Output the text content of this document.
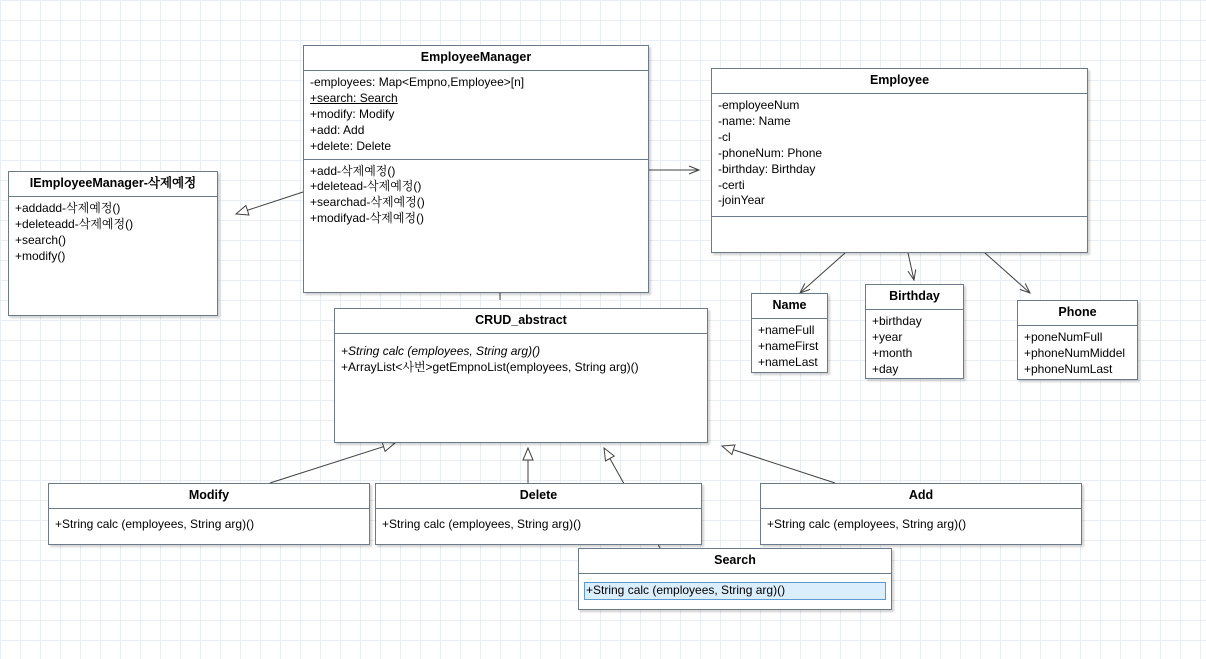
IEmployeeManager-삭제예정
+addadd-삭제예정()
+deleteadd-삭제예정()
+search()
+modify()
EmployeeManager
-employees: Map<Empno,Employee>[n]
+search: Search
+modify: Modify
+add: Add
+delete: Delete
+add-삭제예정()
+deletead-삭제예정()
+searchad-삭제예정()
+modifyad-삭제예정()
Employee
-employeeNum
-name: Name
-cl
-phoneNum: Phone
-birthday: Birthday
-certi
-joinYear
Name
+nameFull
+nameFirst
+nameLast
Birthday
+birthday
+year
+month
+day
Phone
+poneNumFull
+phoneNumMiddel
+phoneNumLast
CRUD_abstract
+String calc (employees, String arg)()
+ArrayList<사번>getEmpnoList(employees, String arg)()
Modify
+String calc (employees, String arg)()
Delete
+String calc (employees, String arg)()
Add
+String calc (employees, String arg)()
Search
+String calc (employees, String arg)()
